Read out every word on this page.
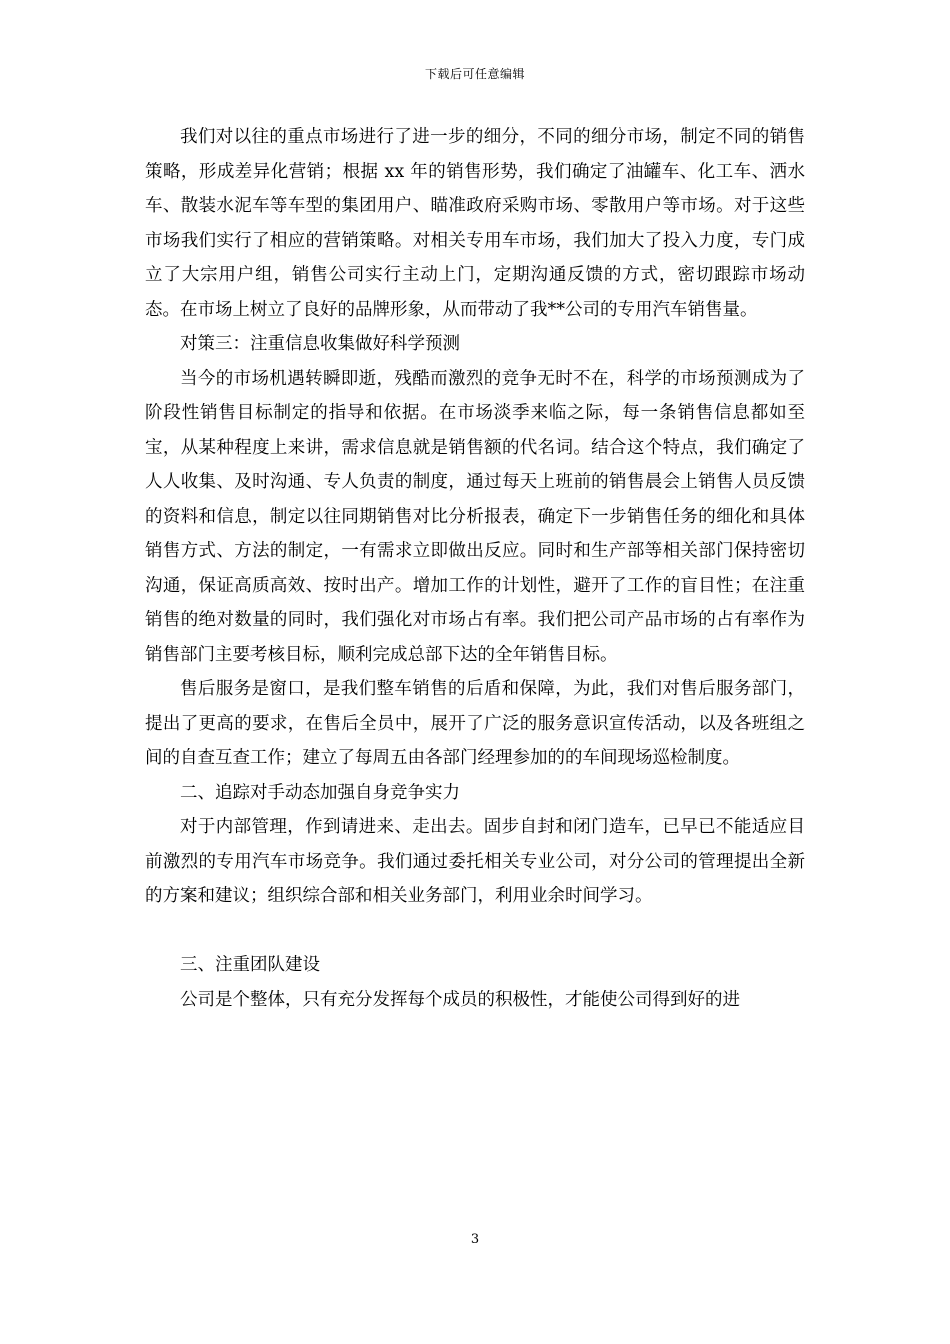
下载后可任意编辑

我们对以往的重点市场进行了进一步的细分，不同的细分市场，制定不同的销售策略，形成差异化营销；根据 xx 年的销售形势，我们确定了油罐车、化工车、洒水车、散装水泥车等车型的集团用户、瞄准政府采购市场、零散用户等市场。对于这些市场我们实行了相应的营销策略。对相关专用车市场，我们加大了投入力度，专门成立了大宗用户组，销售公司实行主动上门，定期沟通反馈的方式，密切跟踪市场动态。在市场上树立了良好的品牌形象，从而带动了我**公司的专用汽车销售量。

对策三：注重信息收集做好科学预测

当今的市场机遇转瞬即逝，残酷而激烈的竞争无时不在，科学的市场预测成为了阶段性销售目标制定的指导和依据。在市场淡季来临之际，每一条销售信息都如至宝，从某种程度上来讲，需求信息就是销售额的代名词。结合这个特点，我们确定了人人收集、及时沟通、专人负责的制度，通过每天上班前的销售晨会上销售人员反馈的资料和信息，制定以往同期销售对比分析报表，确定下一步销售任务的细化和具体销售方式、方法的制定，一有需求立即做出反应。同时和生产部等相关部门保持密切沟通，保证高质高效、按时出产。增加工作的计划性，避开了工作的盲目性；在注重销售的绝对数量的同时，我们强化对市场占有率。我们把公司产品市场的占有率作为销售部门主要考核目标，顺利完成总部下达的全年销售目标。

售后服务是窗口，是我们整车销售的后盾和保障，为此，我们对售后服务部门，提出了更高的要求，在售后全员中，展开了广泛的服务意识宣传活动，以及各班组之间的自查互查工作；建立了每周五由各部门经理参加的的车间现场巡检制度。

二、追踪对手动态加强自身竞争实力

对于内部管理，作到请进来、走出去。固步自封和闭门造车，已早已不能适应目前激烈的专用汽车市场竞争。我们通过委托相关专业公司，对分公司的管理提出全新的方案和建议；组织综合部和相关业务部门，利用业余时间学习。

三、注重团队建设

公司是个整体，只有充分发挥每个成员的积极性，才能使公司得到好的进

3
